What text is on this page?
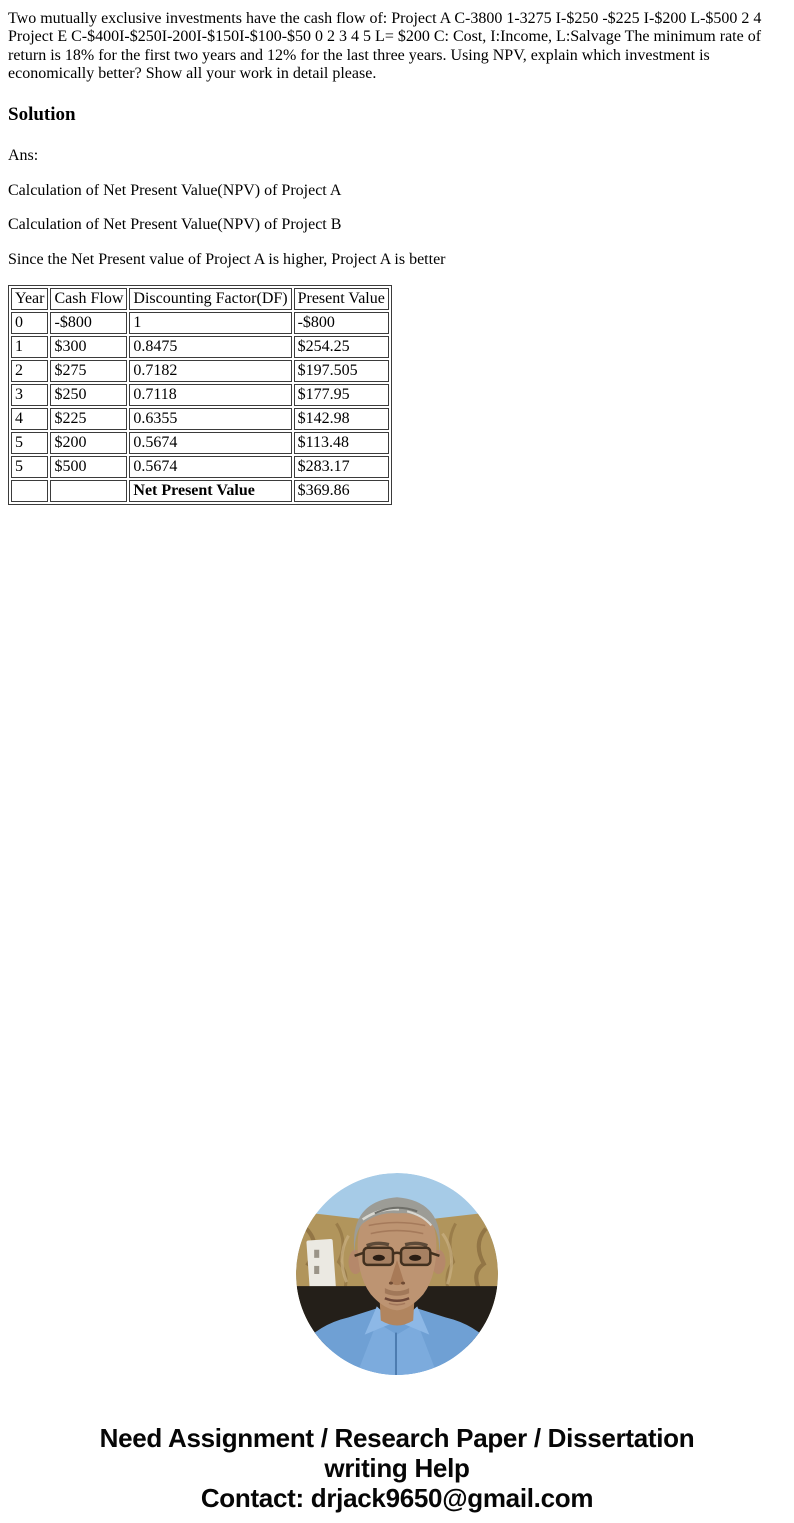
Two mutually exclusive investments have the cash flow of: Project A C-3800 1-3275 I-$250 -$225 I-$200 L-$500 2 4 Project E C-$400I-$250I-200I-$150I-$100-$50 0 2 3 4 5 L= $200 C: Cost, I:Income, L:Salvage The minimum rate of return is 18% for the first two years and 12% for the last three years. Using NPV, explain which investment is economically better? Show all your work in detail please.

Solution

Ans:

Calculation of Net Present Value(NPV) of Project A

Calculation of Net Present Value(NPV) of Project B

Since the Net Present value of Project A is higher, Project A is better

Year	Cash Flow	Discounting Factor(DF)	Present Value
0	-$800	1	-$800
1	$300	0.8475	$254.25
2	$275	0.7182	$197.505
3	$250	0.7118	$177.95
4	$225	0.6355	$142.98
5	$200	0.5674	$113.48
5	$500	0.5674	$283.17
		Net Present Value	$369.86
Need Assignment / Research Paper / Dissertation
writing Help
Contact: drjack9650@gmail.com
